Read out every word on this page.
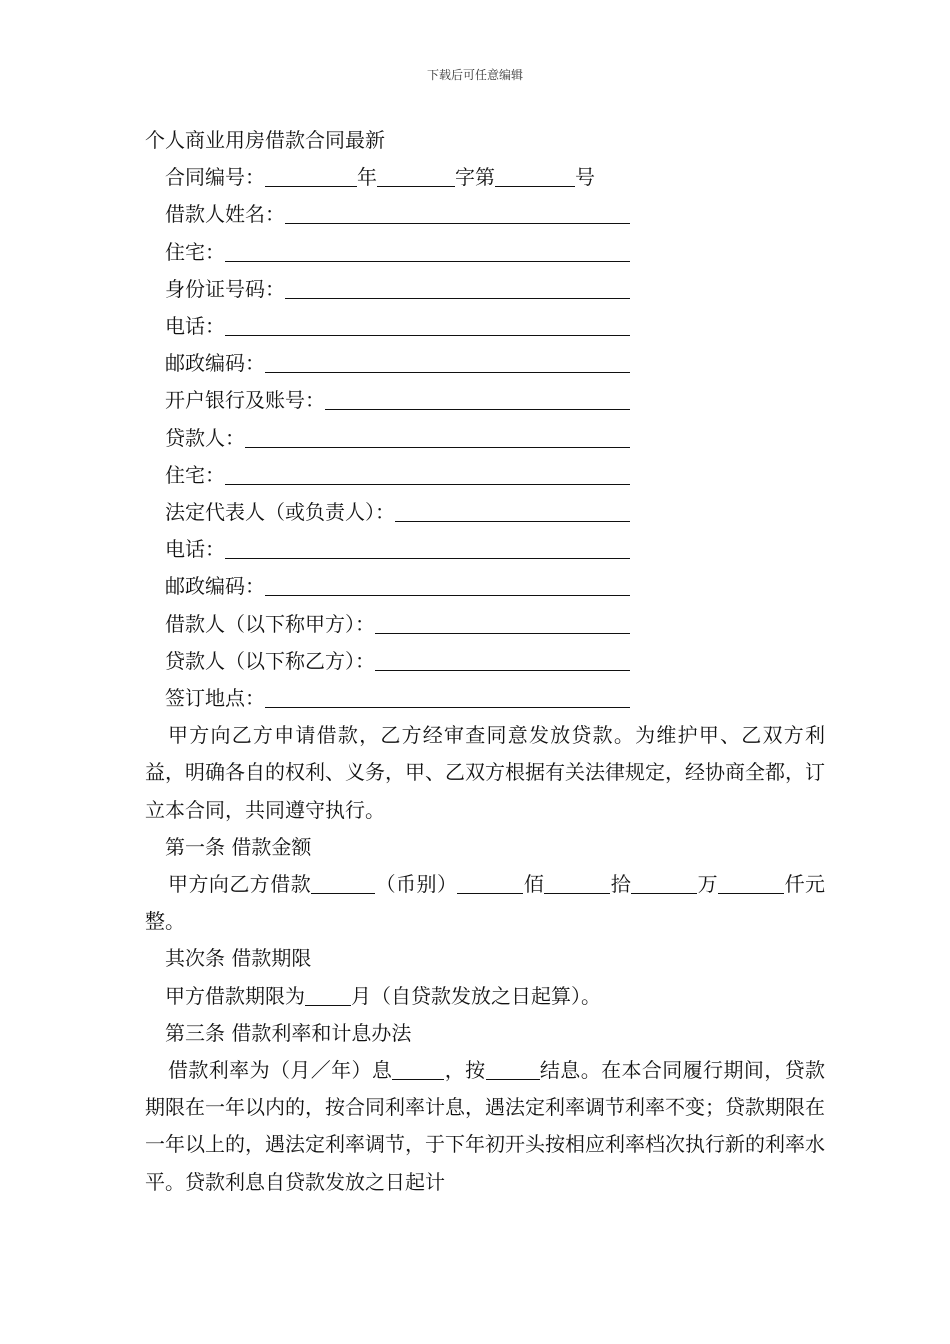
下载后可任意编辑
个人商业用房借款合同最新
合同编号：	年	字第	号
借款人姓名：
住宅：
身份证号码：
电话：
邮政编码：
开户银行及账号：
贷款人：
住宅：
法定代表人（或负责人）：
电话：
邮政编码：
借款人（以下称甲方）：
贷款人（以下称乙方）：
签订地点：

甲方向乙方申请借款，乙方经审查同意发放贷款。为维护甲、乙双方利益，明确各自的权利、义务，甲、乙双方根据有关法律规定，经协商全都，订立本合同，共同遵守执行。

第一条 借款金额

甲方向乙方借款	（币别）	佰	拾	万	仟元整。

其次条 借款期限
甲方借款期限为 月（自贷款发放之日起算）。
第三条 借款利率和计息办法

借款利率为（月／年）息	，按	结息。在本合同履行期间，贷款期限在一年以内的，按合同利率计息，遇法定利率调节利率不变；贷款期限在一年以上的，遇法定利率调节，于下年初开头按相应利率档次执行新的利率水平。贷款利息自贷款发放之日起计
